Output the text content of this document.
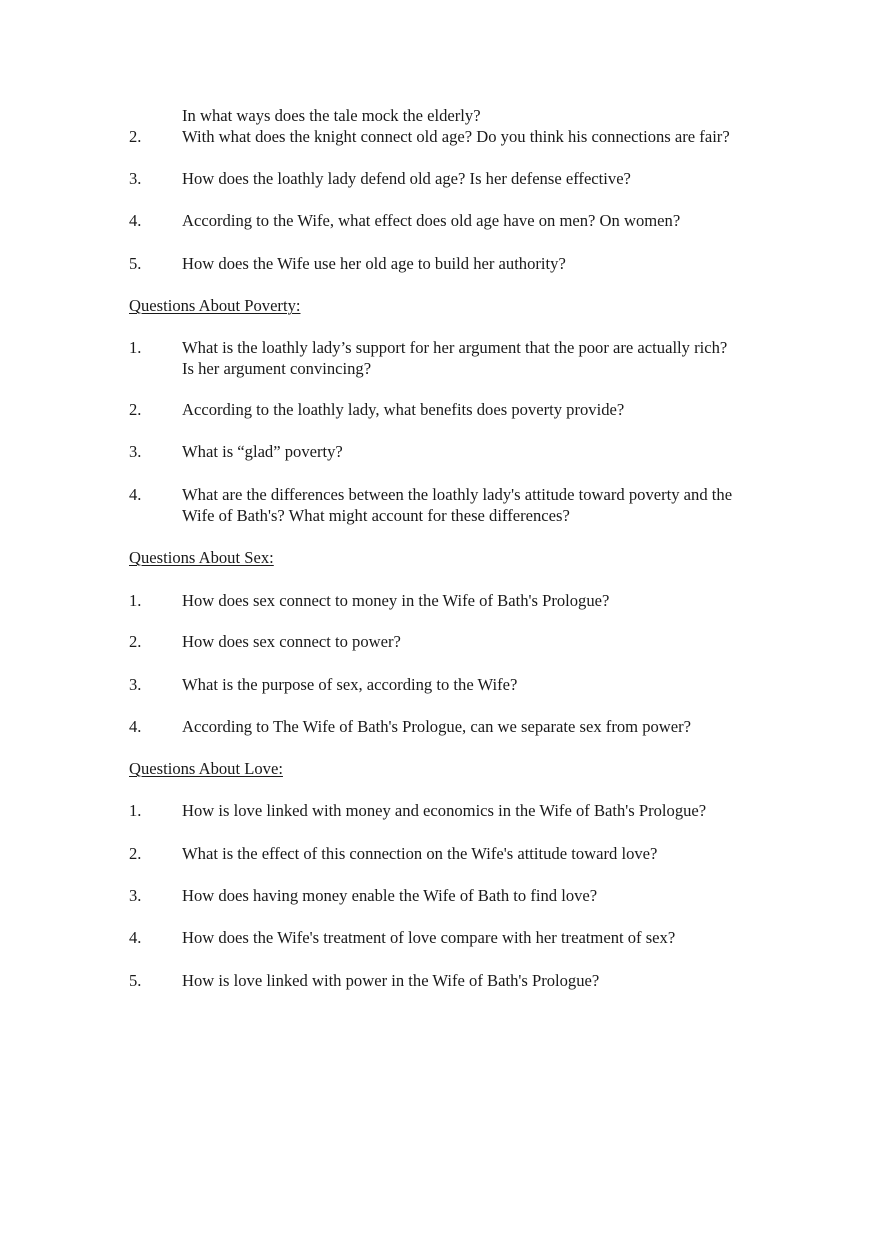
In what ways does the tale mock the elderly?
2. With what does the knight connect old age? Do you think his connections are fair?
3. How does the loathly lady defend old age? Is her defense effective?
4. According to the Wife, what effect does old age have on men? On women?
5. How does the Wife use her old age to build her authority?
Questions About Poverty:
1. What is the loathly lady’s support for her argument that the poor are actually rich? Is her argument convincing?
2. According to the loathly lady, what benefits does poverty provide?
3. What is “glad” poverty?
4. What are the differences between the loathly lady's attitude toward poverty and the Wife of Bath's? What might account for these differences?
Questions About Sex:
1. How does sex connect to money in the Wife of Bath's Prologue?
2. How does sex connect to power?
3. What is the purpose of sex, according to the Wife?
4. According to The Wife of Bath's Prologue, can we separate sex from power?
Questions About Love:
1. How is love linked with money and economics in the Wife of Bath's Prologue?
2. What is the effect of this connection on the Wife's attitude toward love?
3. How does having money enable the Wife of Bath to find love?
4. How does the Wife's treatment of love compare with her treatment of sex?
5. How is love linked with power in the Wife of Bath's Prologue?
